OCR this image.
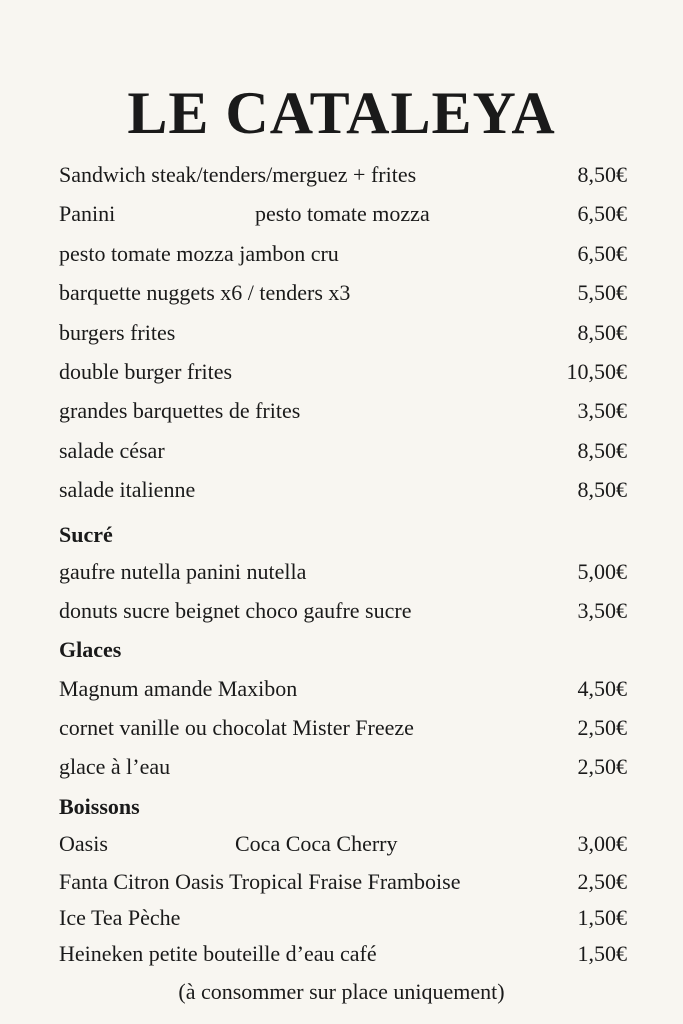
LE CATALEYA
Sandwich steak/tenders/merguez + frites	8,50€
Panini	pesto tomate mozza	6,50€
pesto tomate mozza jambon cru	6,50€
barquette nuggets x6 / tenders x3	5,50€
burgers frites	8,50€
double burger frites	10,50€
grandes barquettes de frites	3,50€
salade césar	8,50€
salade italienne	8,50€
Sucré
gaufre nutella panini nutella	5,00€
donuts sucre beignet choco gaufre sucre	3,50€
Glaces
Magnum amande Maxibon	4,50€
cornet vanille ou chocolat Mister Freeze	2,50€
glace à l’eau	2,50€
Boissons
Oasis	Coca Coca Cherry	3,00€
Fanta Citron Oasis Tropical Fraise Framboise	2,50€
Ice Tea Pèche	1,50€
Heineken petite bouteille d’eau café	1,50€
(à consommer sur place uniquement)
